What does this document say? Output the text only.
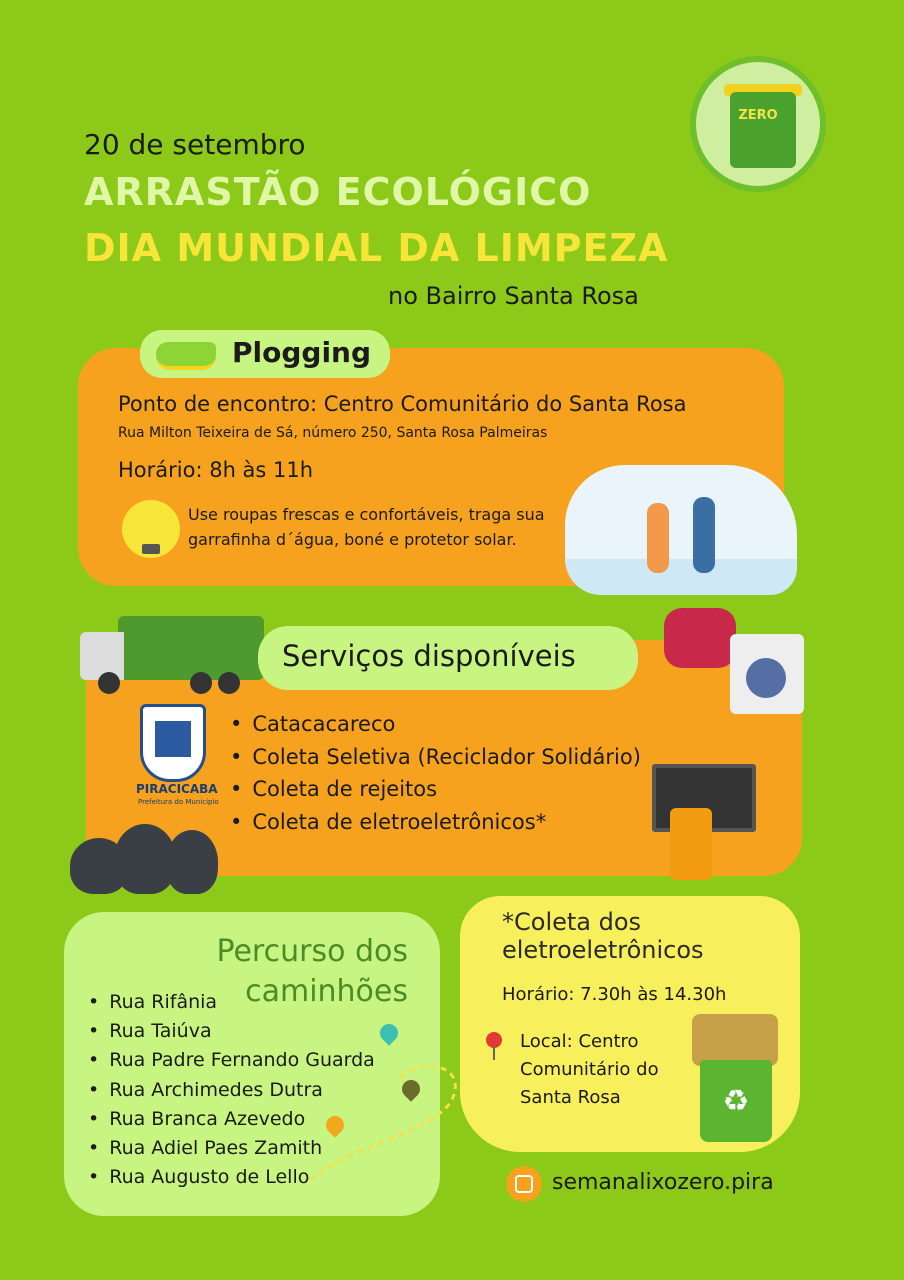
20 de setembro
ARRASTÃO ECOLÓGICO
DIA MUNDIAL DA LIMPEZA
no Bairro Santa Rosa
ZERO
Plogging
Ponto de encontro: Centro Comunitário do Santa Rosa
Rua Milton Teixeira de Sá, número 250, Santa Rosa Palmeiras
Horário: 8h às 11h
Use roupas frescas e confortáveis, traga sua garrafinha d´água, boné e protetor solar.
Serviços disponíveis
PIRACICABA
Prefeitura do Município
• Catacacareco
• Coleta Seletiva (Reciclador Solidário)
• Coleta de rejeitos
• Coleta de eletroeletrônicos*
Percurso dos caminhões
• Rua Rifânia
• Rua Taiúva
• Rua Padre Fernando Guarda
• Rua Archimedes Dutra
• Rua Branca Azevedo
• Rua Adiel Paes Zamith
• Rua Augusto de Lello
*Coleta dos eletroeletrônicos
Horário: 7.30h às 14.30h
Local: Centro Comunitário do Santa Rosa	♻
semanalixozero.pira
